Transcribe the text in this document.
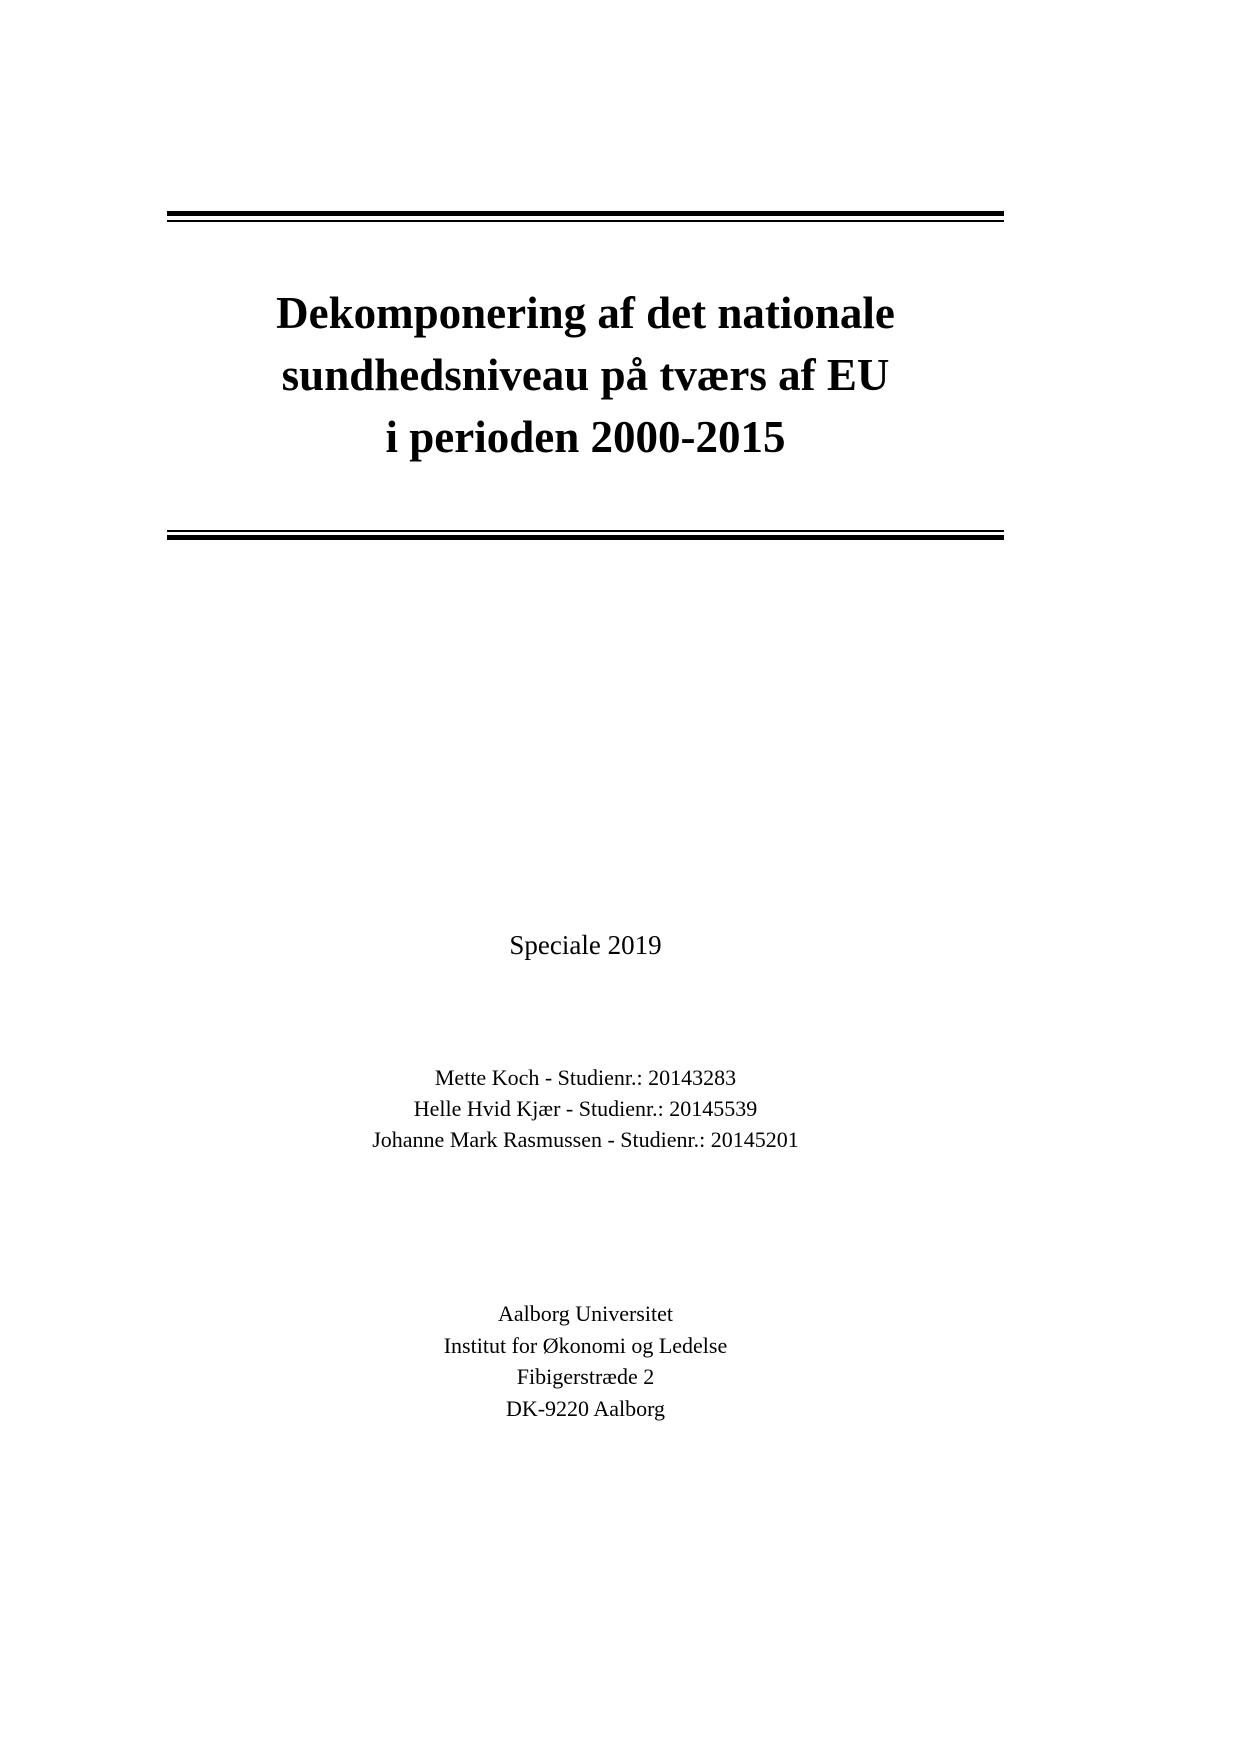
Dekomponering af det nationale
sundhedsniveau på tværs af EU
i perioden 2000-2015
Speciale 2019
Mette Koch - Studienr.: 20143283
Helle Hvid Kjær - Studienr.: 20145539
Johanne Mark Rasmussen - Studienr.: 20145201
Aalborg Universitet
Institut for Økonomi og Ledelse
Fibigerstræde 2
DK-9220 Aalborg
